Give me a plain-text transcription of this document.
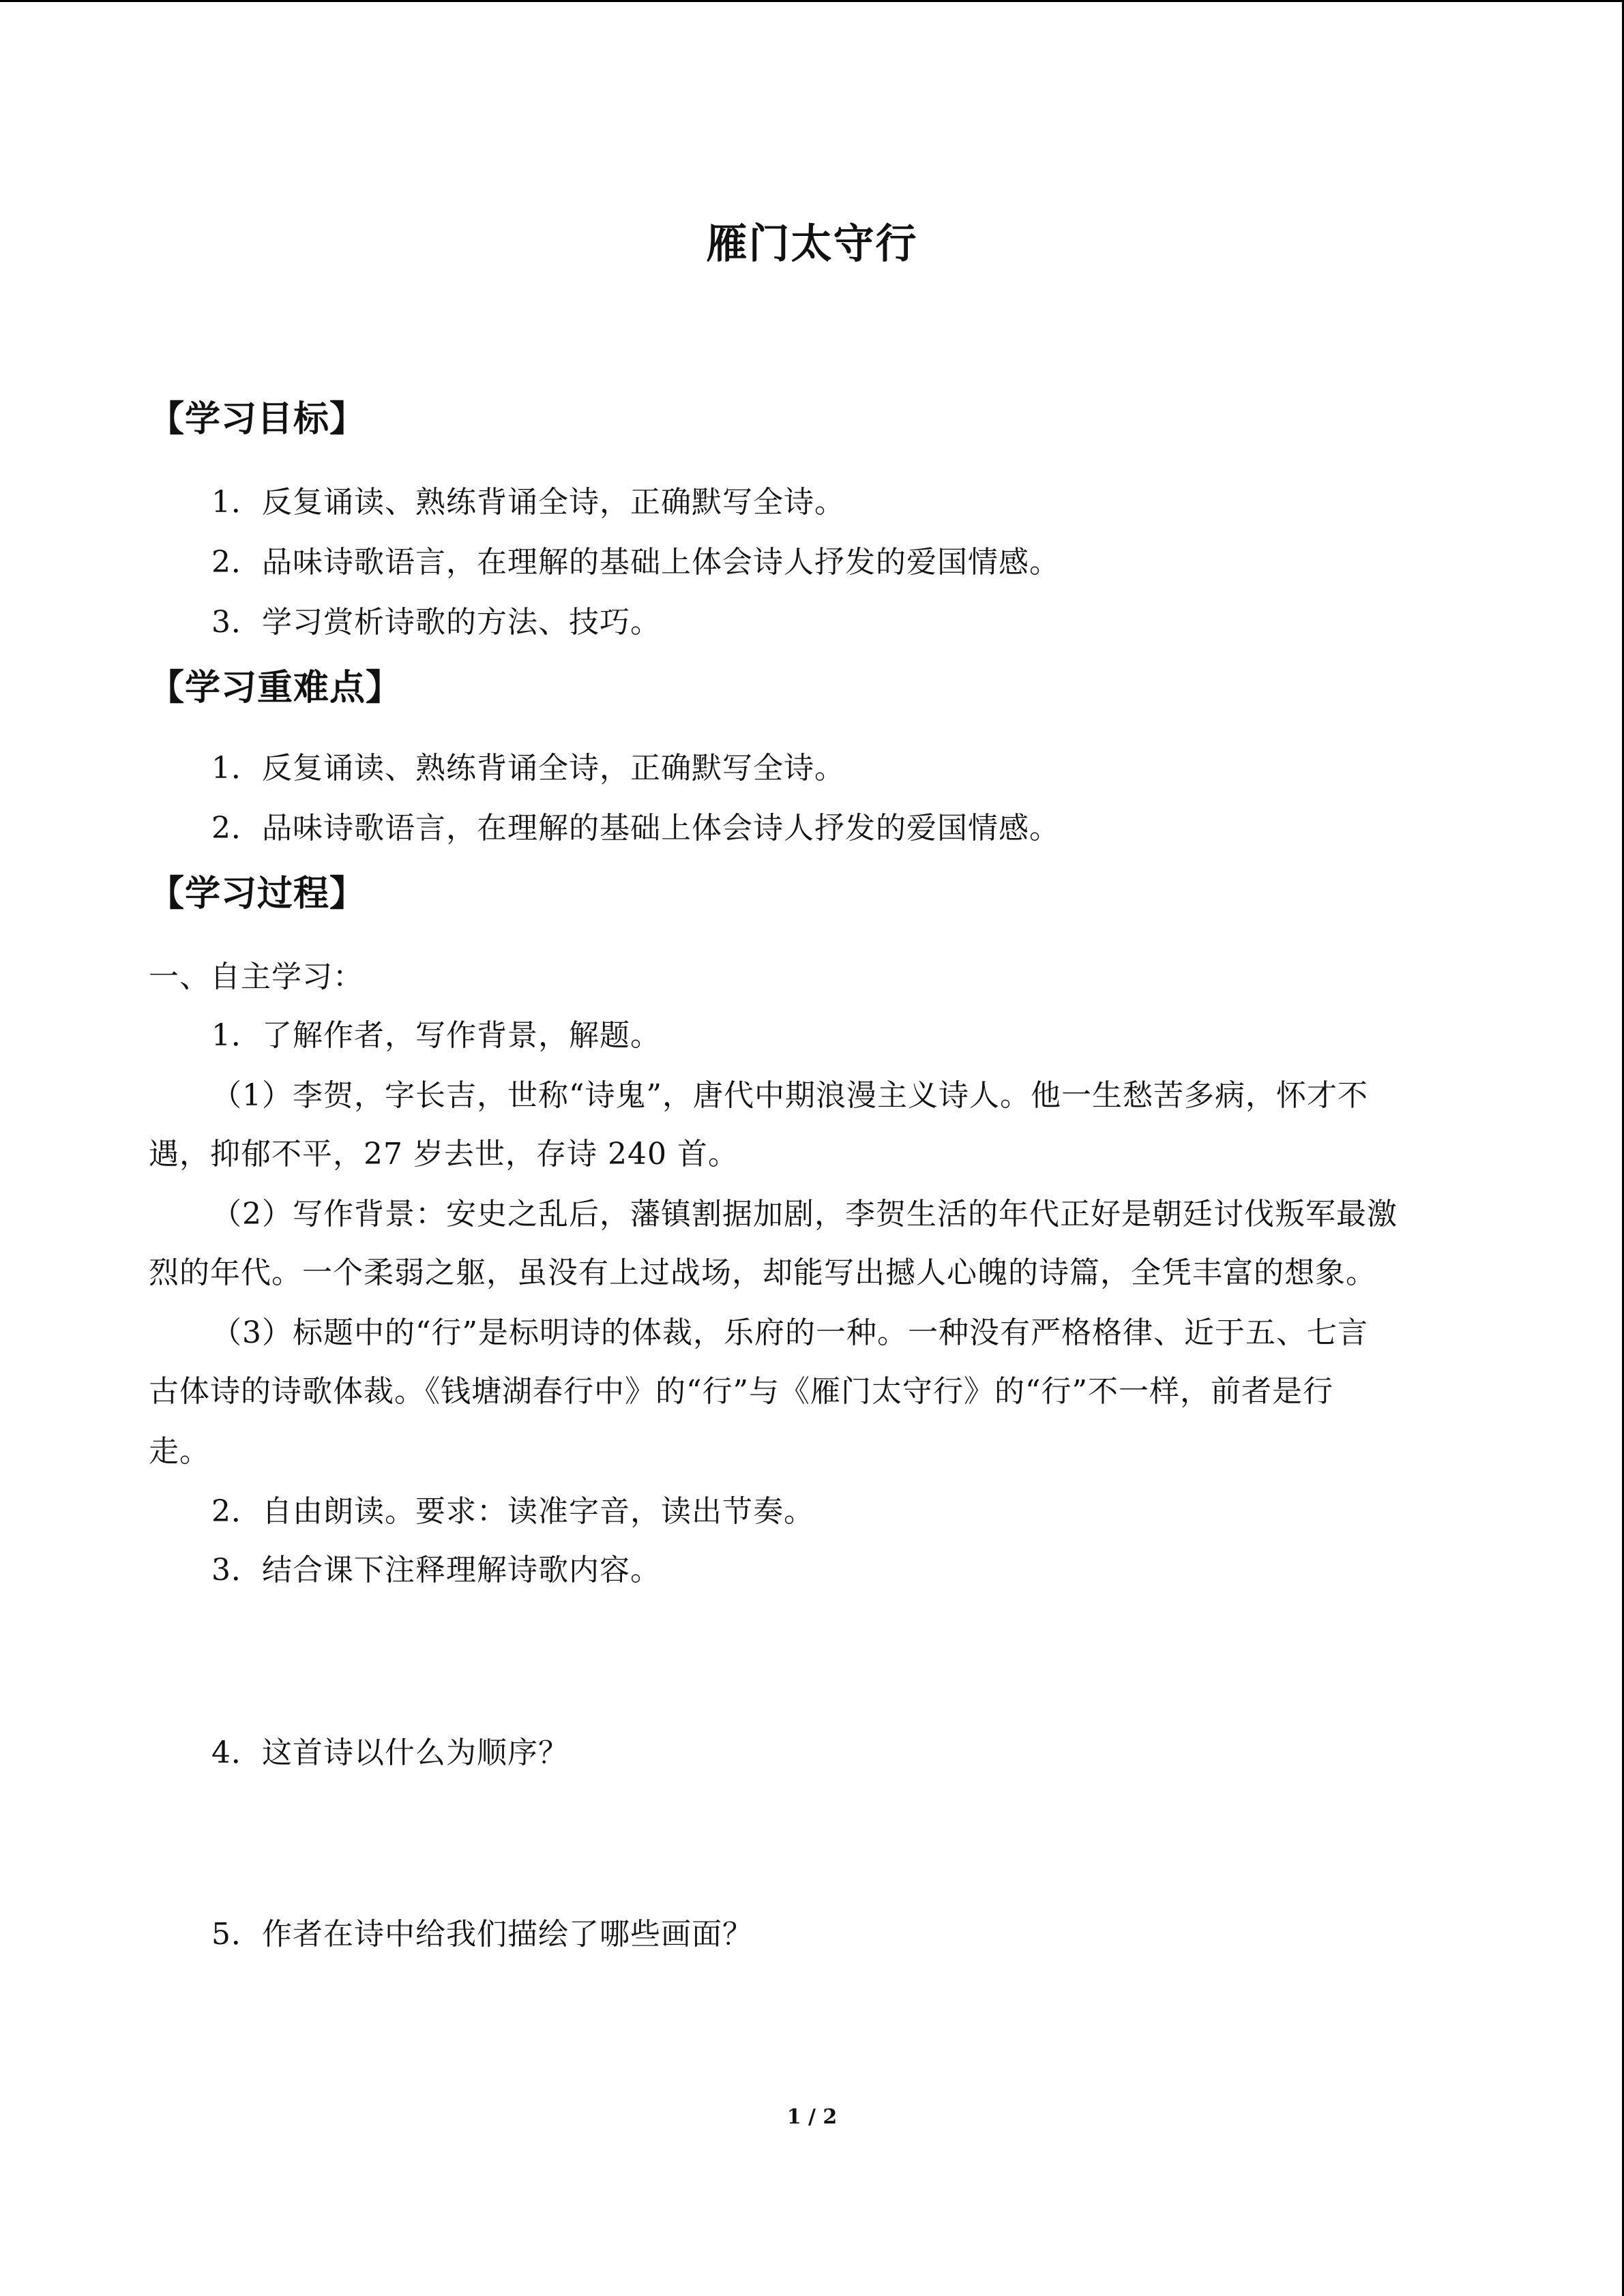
雁门太守行
【学习目标】
1．反复诵读、熟练背诵全诗，正确默写全诗。
2．品味诗歌语言，在理解的基础上体会诗人抒发的爱国情感。
3．学习赏析诗歌的方法、技巧。
【学习重难点】
1．反复诵读、熟练背诵全诗，正确默写全诗。
2．品味诗歌语言，在理解的基础上体会诗人抒发的爱国情感。
【学习过程】
一、自主学习：
1．了解作者，写作背景，解题。
（1）李贺，字长吉，世称“诗鬼”，唐代中期浪漫主义诗人。他一生愁苦多病，怀才不
遇，抑郁不平，27 岁去世，存诗 240 首。
（2）写作背景：安史之乱后，藩镇割据加剧，李贺生活的年代正好是朝廷讨伐叛军最激
烈的年代。一个柔弱之躯，虽没有上过战场，却能写出撼人心魄的诗篇，全凭丰富的想象。
（3）标题中的“行”是标明诗的体裁，乐府的一种。一种没有严格格律、近于五、七言
古体诗的诗歌体裁。《钱塘湖春行中》的“行”与《雁门太守行》的“行”不一样，前者是行
走。
2．自由朗读。要求：读准字音，读出节奏。
3．结合课下注释理解诗歌内容。
4．这首诗以什么为顺序？
5．作者在诗中给我们描绘了哪些画面？
1 / 2
